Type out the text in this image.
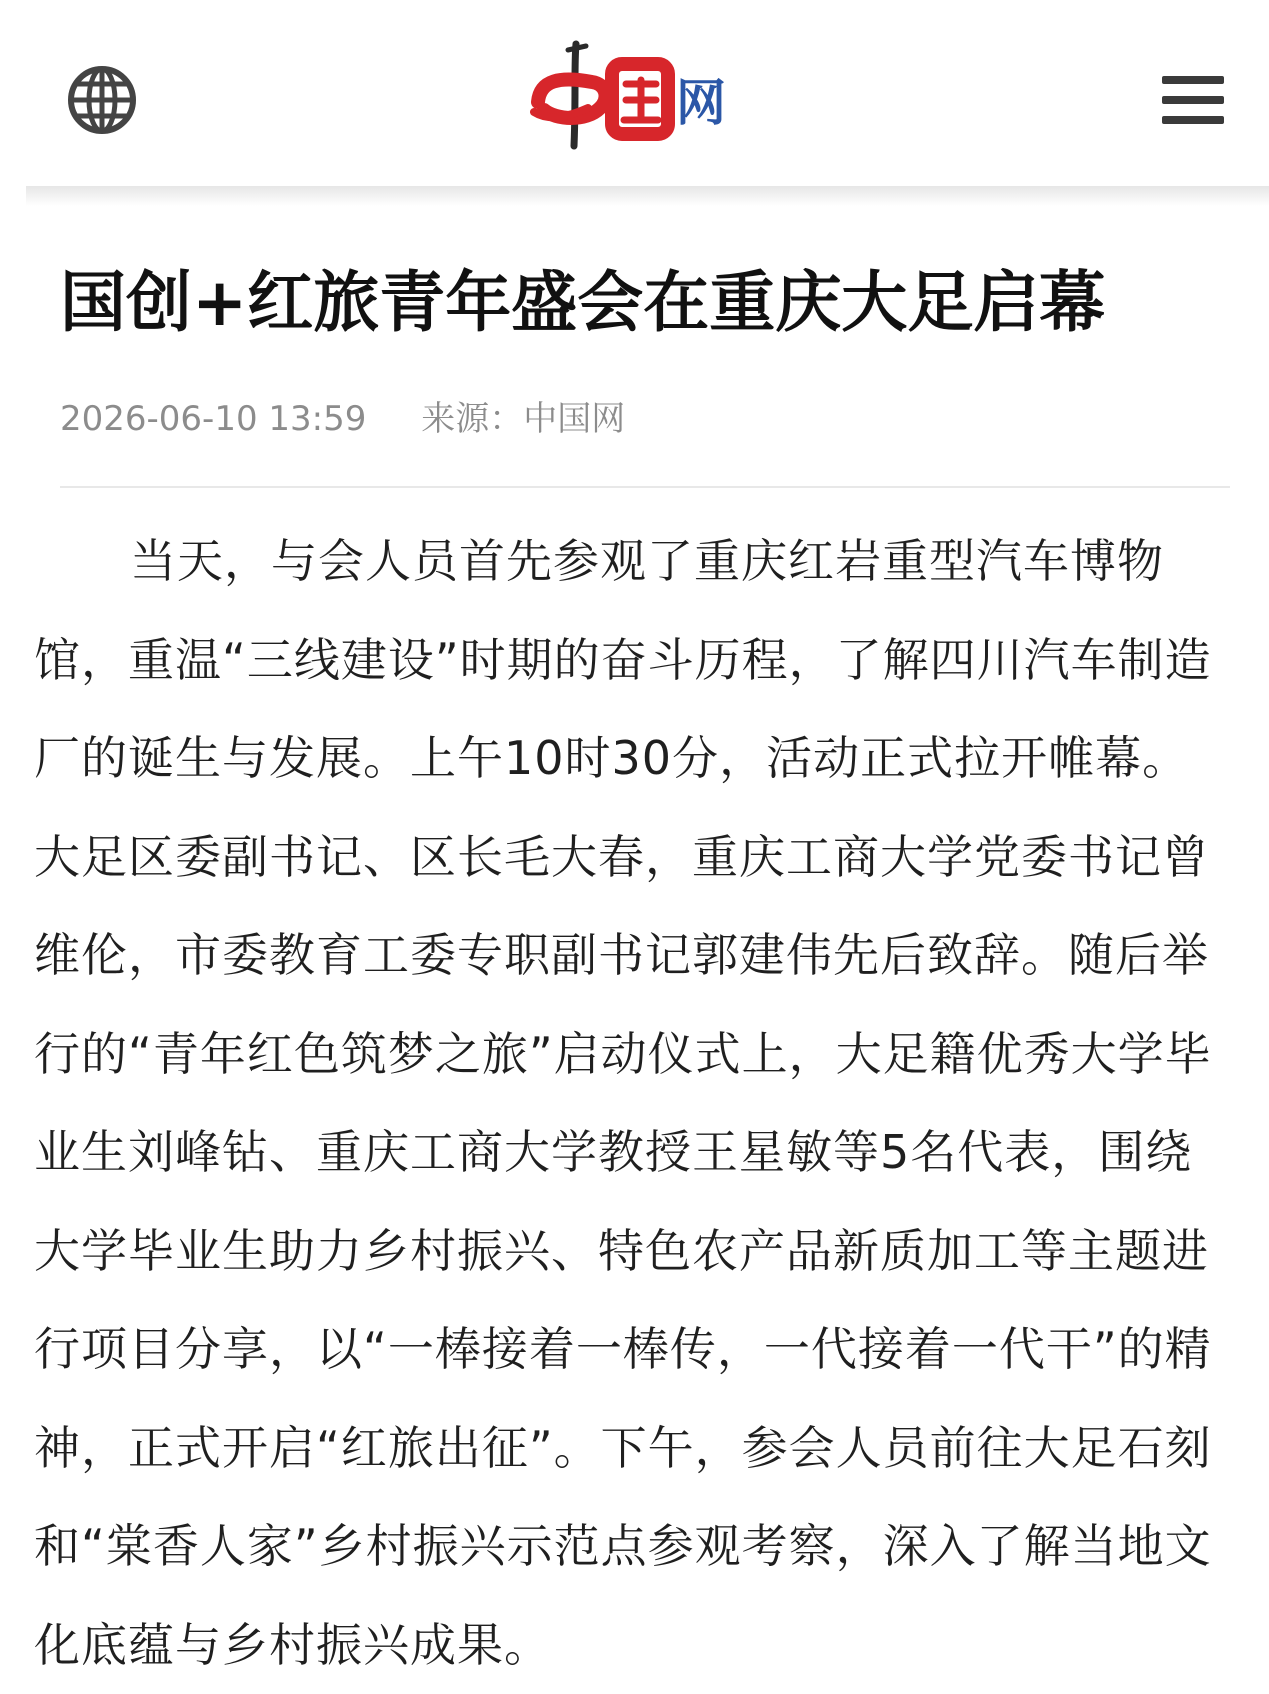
网
国创+红旅青年盛会在重庆大足启幕
2026-06-10 13:59 来源：中国网

当天，与会人员首先参观了重庆红岩重型汽车博物馆，重温“三线建设”时期的奋斗历程，了解四川汽车制造厂的诞生与发展。上午10时30分，活动正式拉开帷幕。大足区委副书记、区长毛大春，重庆工商大学党委书记曾维伦，市委教育工委专职副书记郭建伟先后致辞。随后举行的“青年红色筑梦之旅”启动仪式上，大足籍优秀大学毕业生刘峰钻、重庆工商大学教授王星敏等5名代表，围绕大学毕业生助力乡村振兴、特色农产品新质加工等主题进行项目分享，以“一棒接着一棒传，一代接着一代干”的精神，正式开启“红旅出征”。下午，参会人员前往大足石刻和“棠香人家”乡村振兴示范点参观考察，深入了解当地文化底蕴与乡村振兴成果。
